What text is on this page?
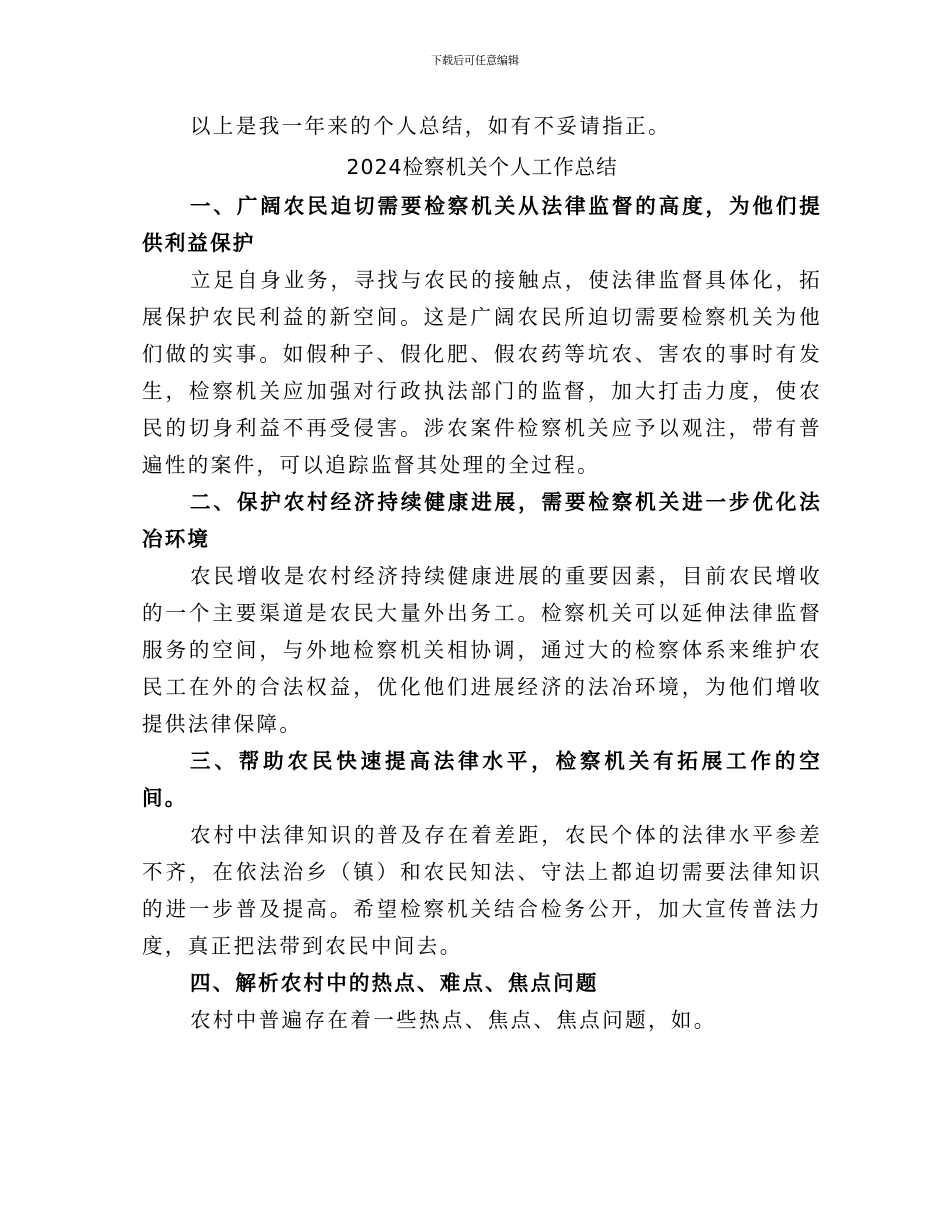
下载后可任意编辑

以上是我一年来的个人总结，如有不妥请指正。

2024检察机关个人工作总结

一、广阔农民迫切需要检察机关从法律监督的高度，为他们提供利益保护

立足自身业务，寻找与农民的接触点，使法律监督具体化，拓展保护农民利益的新空间。这是广阔农民所迫切需要检察机关为他们做的实事。如假种子、假化肥、假农药等坑农、害农的事时有发生，检察机关应加强对行政执法部门的监督，加大打击力度，使农民的切身利益不再受侵害。涉农案件检察机关应予以观注，带有普遍性的案件，可以追踪监督其处理的全过程。

二、保护农村经济持续健康进展，需要检察机关进一步优化法冶环境

农民增收是农村经济持续健康进展的重要因素，目前农民增收的一个主要渠道是农民大量外出务工。检察机关可以延伸法律监督服务的空间，与外地检察机关相协调，通过大的检察体系来维护农民工在外的合法权益，优化他们进展经济的法冶环境，为他们增收提供法律保障。

三、帮助农民快速提高法律水平，检察机关有拓展工作的空间。

农村中法律知识的普及存在着差距，农民个体的法律水平参差不齐，在依法治乡（镇）和农民知法、守法上都迫切需要法律知识的进一步普及提高。希望检察机关结合检务公开，加大宣传普法力度，真正把法带到农民中间去。

四、解析农村中的热点、难点、焦点问题

农村中普遍存在着一些热点、焦点、焦点问题，如。
